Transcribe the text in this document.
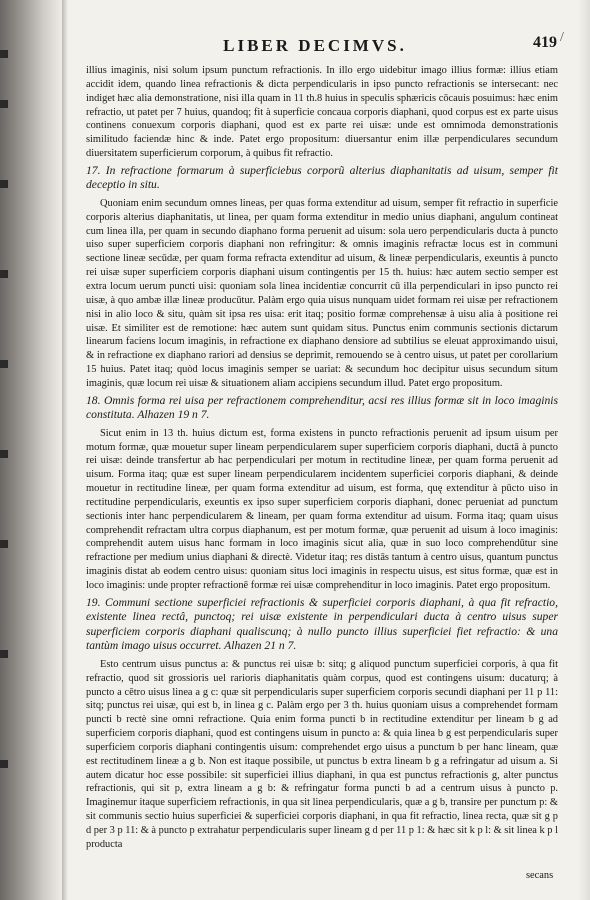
LIBER DECIMVS.	419 /

illius imaginis, nisi solum ipsum punctum refractionis. In illo ergo uidebitur imago illius formæ: illius etiam accidit idem, quando linea refractionis & dicta perpendicularis in ipso puncto refractionis se intersecant: nec indiget hæc alia demonstratione, nisi illa quam in 11 th.8 huius in speculis sphæricis cōcauis posuimus: hæc enim refractio, ut patet per 7 huius, quandoq; fit à superficie concaua corporis diaphani, quod corpus est ex parte uisus continens conuexum corporis diaphani, quod est ex parte rei uisæ: unde est omnimoda demonstrationis similitudo faciendæ hinc & inde. Patet ergo propositum: diuersantur enim illæ perpendiculares secundum diuersitatem superficierum corporum, à quibus fit refractio.

17. In refractione formarum à superficiebus corporũ alterius diaphanitatis ad uisum, semper fit deceptio in situ.

Quoniam enim secundum omnes lineas, per quas forma extenditur ad uisum, semper fit refractio in superficie corporis alterius diaphanitatis, ut linea, per quam forma extenditur in medio unius diaphani, angulum contineat cum linea illa, per quam in secundo diaphano forma peruenit ad uisum: sola uero perpendicularis ducta à puncto uiso super superficiem corporis diaphani non refringitur: & omnis imaginis refractæ locus est in communi sectione lineæ secūdæ, per quam forma refracta extenditur ad uisum, & lineæ perpendicularis, exeuntis à puncto rei uisæ super superficiem corporis diaphani uisum contingentis per 15 th. huius: hæc autem sectio semper est extra locum uerum puncti uisi: quoniam sola linea incidentiæ concurrit cū illa perpendiculari in ipso puncto rei uisæ, à quo ambæ illæ lineæ producūtur. Palàm ergo quia uisus nunquam uidet formam rei uisæ per refractionem nisi in alio loco & situ, quàm sit ipsa res uisa: erit itaq; positio formæ comprehensæ à uisu alia à positione rei uisæ. Et similiter est de remotione: hæc autem sunt quidam situs. Punctus enim communis sectionis dictarum linearum faciens locum imaginis, in refractione ex diaphano densiore ad subtilius se eleuat approximando uisui, & in refractione ex diaphano rariori ad densius se deprimit, remouendo se à centro uisus, ut patet per corollarium 15 huius. Patet itaq; quòd locus imaginis semper se uariat: & secundum hoc decipitur uisus secundum situm imaginis, quæ locum rei uisæ & situationem aliam accipiens secundum illud. Patet ergo propositum.

18. Omnis forma rei uisa per refractionem comprehenditur, acsi res illius formæ sit in loco imaginis constituta. Alhazen 19 n 7.

Sicut enim in 13 th. huius dictum est, forma existens in puncto refractionis peruenit ad ipsum uisum per motum formæ, quæ mouetur super lineam perpendicularem super superficiem corporis diaphani, ductā à puncto rei uisæ: deinde transfertur ab hac perpendiculari per motum in rectitudine lineæ, per quam forma peruenit ad uisum. Forma itaq; quæ est super lineam perpendicularem incidentem superficiei corporis diaphani, & deinde mouetur in rectitudine lineæ, per quam forma extenditur ad uisum, est forma, quę extenditur à pūcto uiso in rectitudine perpendicularis, exeuntis ex ipso super superficiem corporis diaphani, donec perueniat ad punctum sectionis inter hanc perpendicularem & lineam, per quam forma extenditur ad uisum. Forma itaq; quam uisus comprehendit refractam ultra corpus diaphanum, est per motum formæ, quæ peruenit ad uisum à loco imaginis: comprehendit autem uisus hanc formam in loco imaginis sicut alia, quæ in suo loco comprehendūtur sine refractione per medium unius diaphani & directè. Videtur itaq; res distās tantum à centro uisus, quantum punctus imaginis distat ab eodem centro uisus: quoniam situs loci imaginis in respectu uisus, est situs formæ, quæ est in loco imaginis: unde propter refractionē formæ rei uisæ comprehenditur in loco imaginis. Patet ergo propositum.

19. Communi sectione superficiei refractionis & superficiei corporis diaphani, à qua fit refractio, existente linea rectâ, punctoq; rei uisæ existente in perpendiculari ducta à centro uisus super superficiem corporis diaphani qualiscunq; à nullo puncto illius superficiei fiet refractio: & una tantùm imago uisus occurret. Alhazen 21 n 7.

Esto centrum uisus punctus a: & punctus rei uisæ b: sitq; g aliquod punctum superficiei corporis, à qua fit refractio, quod sit grossioris uel rarioris diaphanitatis quàm corpus, quod est contingens uisum: ducaturq; à puncto a cētro uisus linea a g c: quæ sit perpendicularis super superficiem corporis secundi diaphani per 11 p 11: sitq; punctus rei uisæ, qui est b, in linea g c. Palàm ergo per 3 th. huius quoniam uisus a comprehendet formam puncti b rectè sine omni refractione. Quia enim forma puncti b in rectitudine extenditur per lineam b g ad superficiem corporis diaphani, quod est contingens uisum in puncto a: & quia linea b g est perpendicularis super superficiem corporis diaphani contingentis uisum: comprehendet ergo uisus a punctum b per hanc lineam, quæ est rectitudinem lineæ a g b. Non est itaque possibile, ut punctus b extra lineam b g a refringatur ad uisum a. Si autem dicatur hoc esse possibile: sit superficiei illius diaphani, in qua est punctus refractionis g, alter punctus refractionis, qui sit p, extra lineam a g b: & refringatur forma puncti b ad a centrum uisus à puncto p. Imaginemur itaque superficiem refractionis, in qua sit linea perpendicularis, quæ a g b, transire per punctum p: & sit communis sectio huius superficiei & superficiei corporis diaphani, in qua fit refractio, linea recta, quæ sit g p d per 3 p 11: & à puncto p extrahatur perpendicularis super lineam g d per 11 p 1: & hæc sit k p l: & sit linea k p l producta

secans
